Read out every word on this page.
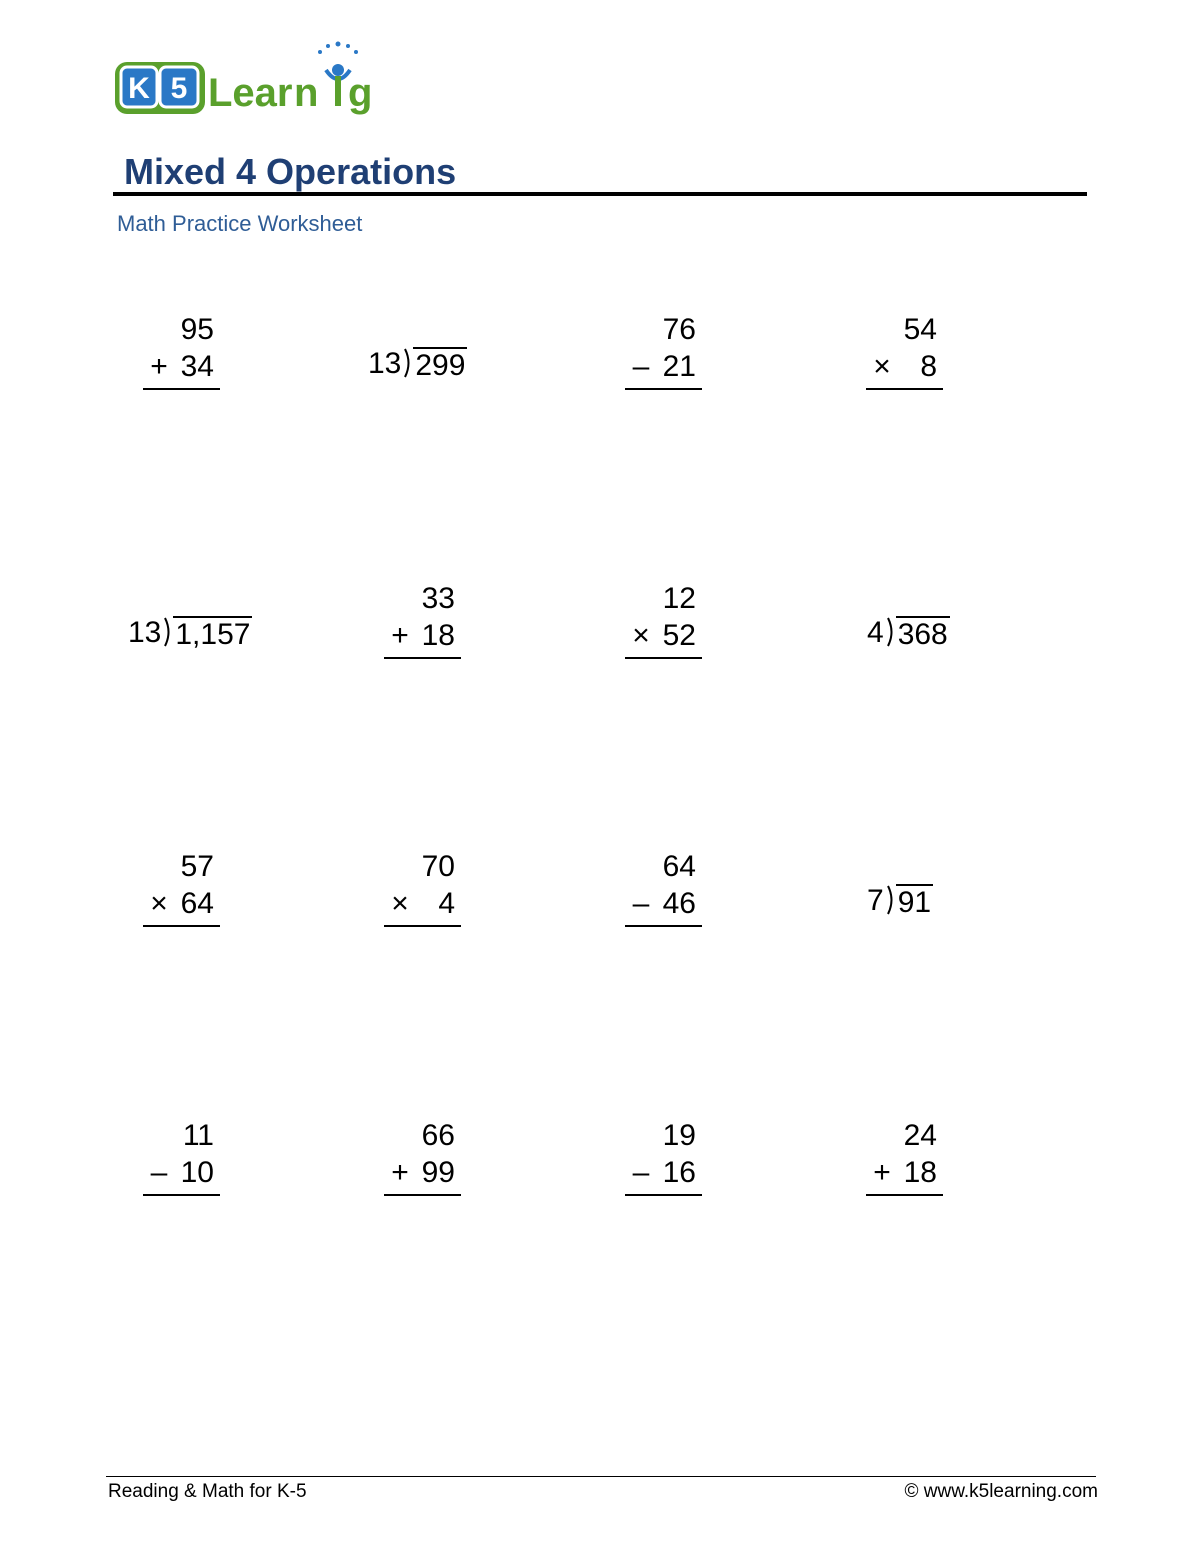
K 5 Lear g
n
Mixed 4 Operations
Math Practice Worksheet
95
+ 34	13 299
76
– 21
54
× 8
13 1,157
33
+ 18
12
× 52	4 368
57
× 64
70
× 4
64
– 46	7 91
11
– 10
66
+ 99
19
– 16
24
+ 18
Reading & Math for K-5	© www.k5learning.com
